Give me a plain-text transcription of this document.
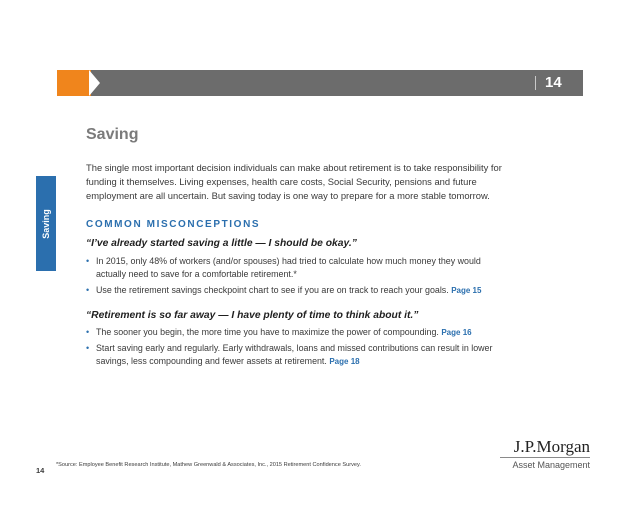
14
Saving
Saving
The single most important decision individuals can make about retirement is to take responsibility for funding it themselves. Living expenses, health care costs, Social Security, pensions and future employment are all uncertain. But saving today is one way to prepare for a more stable tomorrow.
COMMON MISCONCEPTIONS
“I’ve already started saving a little — I should be okay.”
• In 2015, only 48% of workers (and/or spouses) had tried to calculate how much money they would actually need to save for a comfortable retirement.*
• Use the retirement savings checkpoint chart to see if you are on track to reach your goals. Page 15
“Retirement is so far away — I have plenty of time to think about it.”
• The sooner you begin, the more time you have to maximize the power of compounding. Page 16
• Start saving early and regularly. Early withdrawals, loans and missed contributions can result in lower savings, less compounding and fewer assets at retirement. Page 18
14
*Source: Employee Benefit Research Institute, Mathew Greenwald & Associates, Inc., 2015 Retirement Confidence Survey.
J.P.Morgan
Asset Management
